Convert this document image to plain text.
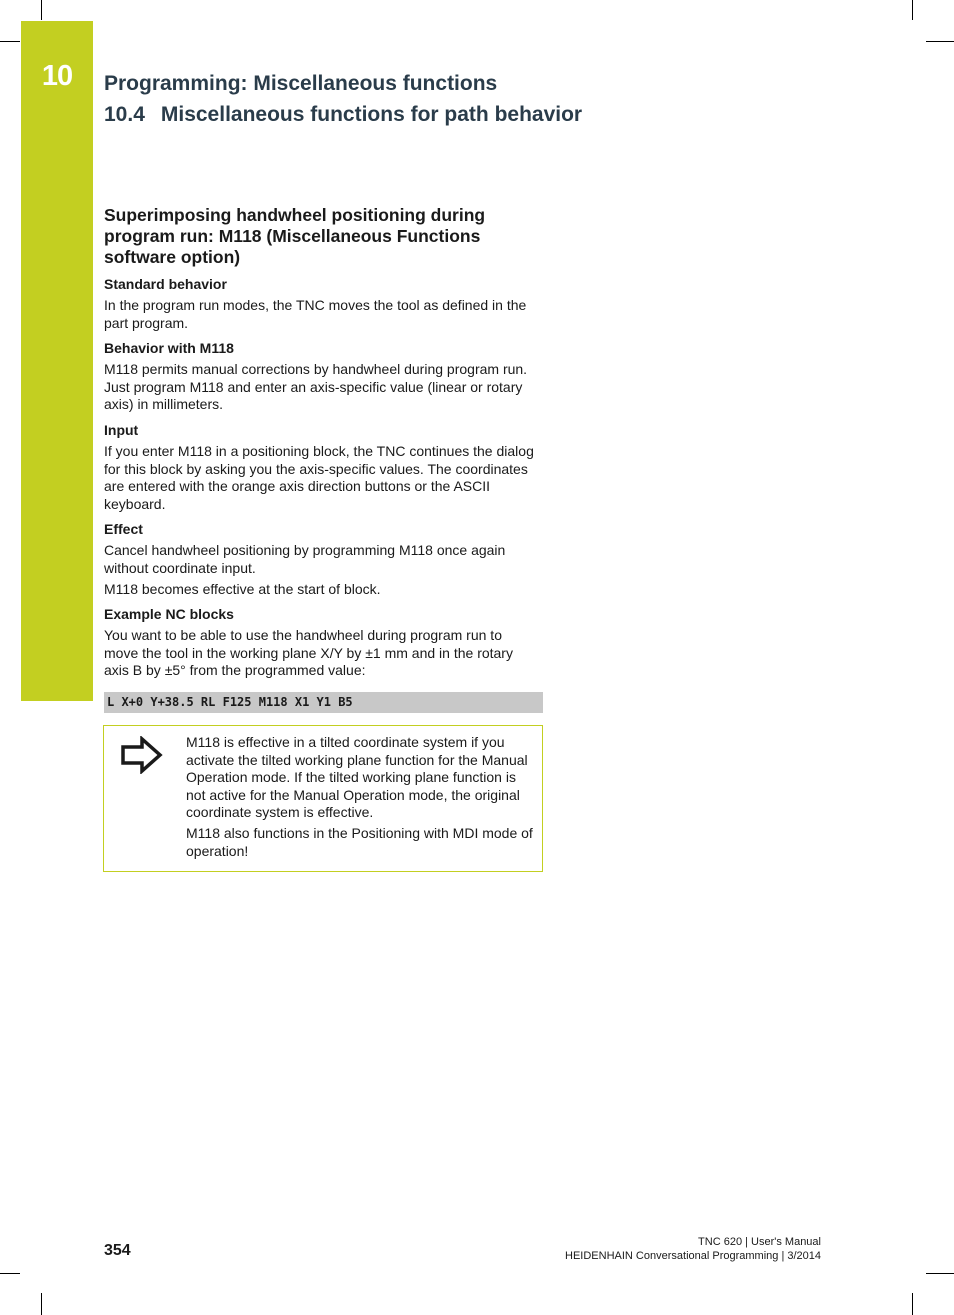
10	Programming: Miscellaneous functions
10.4 Miscellaneous functions for path behavior
Superimposing handwheel positioning during program run: M118 (Miscellaneous Functions software option)
Standard behavior

In the program run modes, the TNC moves the tool as defined in the part program.

Behavior with M118

M118 permits manual corrections by handwheel during program run. Just program M118 and enter an axis-specific value (linear or rotary axis) in millimeters.

Input

If you enter M118 in a positioning block, the TNC continues the dialog for this block by asking you the axis-specific values. The coordinates are entered with the orange axis direction buttons or the ASCII keyboard.

Effect

Cancel handwheel positioning by programming M118 once again without coordinate input.

M118 becomes effective at the start of block.

Example NC blocks

You want to be able to use the handwheel during program run to move the tool in the working plane X/Y by ±1 mm and in the rotary axis B by ±5° from the programmed value:

L X+0 Y+38.5 RL F125 M118 X1 Y1 B5

M118 is effective in a tilted coordinate system if you activate the tilted working plane function for the Manual Operation mode. If the tilted working plane function is not active for the Manual Operation mode, the original coordinate system is effective.

M118 also functions in the Positioning with MDI mode of operation!

354	TNC 620 | User's Manual
HEIDENHAIN Conversational Programming | 3/2014
